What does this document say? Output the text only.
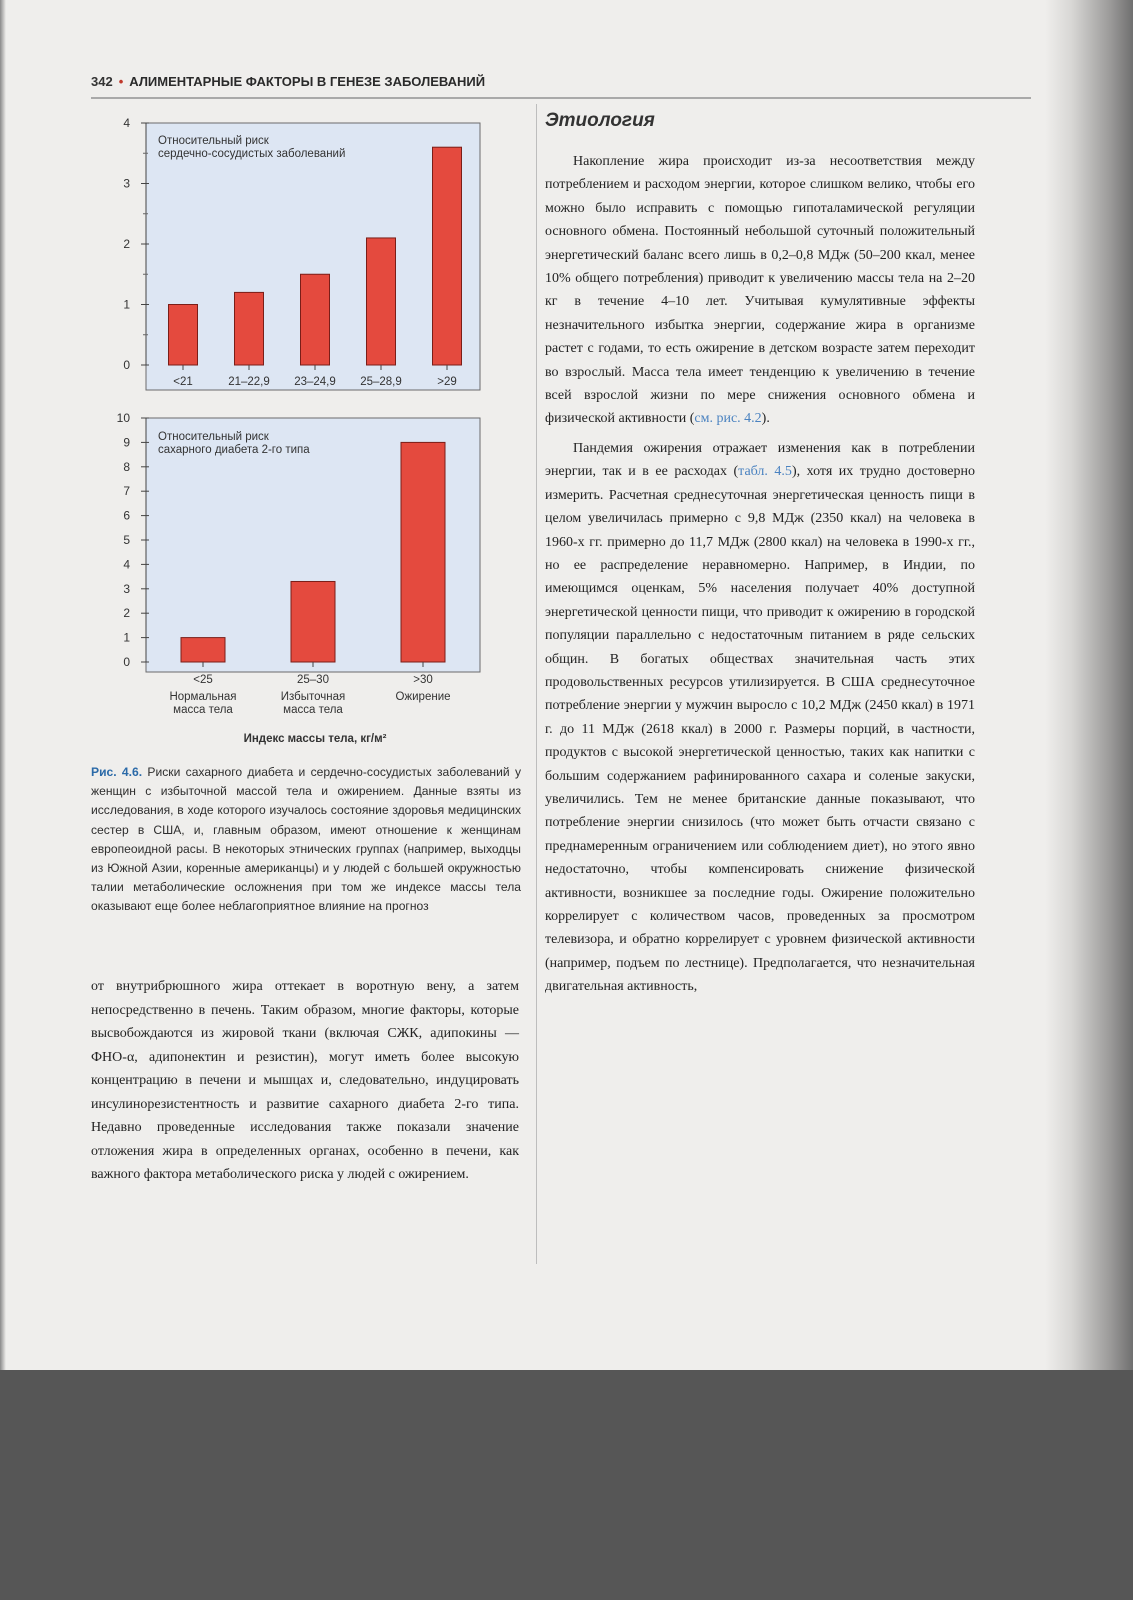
342 • АЛИМЕНТАРНЫЕ ФАКТОРЫ В ГЕНЕЗЕ ЗАБОЛЕВАНИЙ
0
1
2
3
4
Относительный риск
сердечно-сосудистых заболеваний
<21	21–22,9 23–24,9 25–28,9	>29
0
1
2
3
4
5
6
7
8
9
10
Относительный риск
сахарного диабета 2-го типа
<25
Нормальная
масса тела
25–30
Избыточная
масса тела
>30
Ожирение
Индекс массы тела, кг/м²

Рис. 4.6. Риски сахарного диабета и сердечно-сосудистых заболеваний у женщин с избыточной массой тела и ожирением. Данные взяты из исследования, в ходе которого изучалось состояние здоровья медицинских сестер в США, и, главным образом, имеют отношение к женщинам европеоидной расы. В некоторых этнических группах (например, выходцы из Южной Азии, коренные американцы) и у людей с большей окружностью талии метаболические осложнения при том же индексе массы тела оказывают еще более неблагоприятное влияние на прогноз

от внутрибрюшного жира оттекает в воротную вену, а затем непосредственно в печень. Таким образом, многие факторы, которые высвобождаются из жировой ткани (включая СЖК, адипокины — ФНО-α, адипонектин и резистин), могут иметь более высокую концентрацию в печени и мышцах и, следовательно, индуцировать инсулинорезистентность и развитие сахарного диабета 2-го типа. Недавно проведенные исследования также показали значение отложения жира в определенных органах, особенно в печени, как важного фактора метаболического риска у людей с ожирением.

Этиология

Накопление жира происходит из-за несоответствия между потреблением и расходом энергии, которое слишком велико, чтобы его можно было исправить с помощью гипоталамической регуляции основного обмена. Постоянный небольшой суточный положительный энергетический баланс всего лишь в 0,2–0,8 МДж (50–200 ккал, менее 10% общего потребления) приводит к увеличению массы тела на 2–20 кг в течение 4–10 лет. Учитывая кумулятивные эффекты незначительного избытка энергии, содержание жира в организме растет с годами, то есть ожирение в детском возрасте затем переходит во взрослый. Масса тела имеет тенденцию к увеличению в течение всей взрослой жизни по мере снижения основного обмена и физической активности (см. рис. 4.2).

Пандемия ожирения отражает изменения как в потреблении энергии, так и в ее расходах (табл. 4.5), хотя их трудно достоверно измерить. Расчетная среднесуточная энергетическая ценность пищи в целом увеличилась примерно с 9,8 МДж (2350 ккал) на человека в 1960-х гг. примерно до 11,7 МДж (2800 ккал) на человека в 1990-х гг., но ее распределение неравномерно. Например, в Индии, по имеющимся оценкам, 5% населения получает 40% доступной энергетической ценности пищи, что приводит к ожирению в городской популяции параллельно с недостаточным питанием в ряде сельских общин. В богатых обществах значительная часть этих продовольственных ресурсов утилизируется. В США среднесуточное потребление энергии у мужчин выросло с 10,2 МДж (2450 ккал) в 1971 г. до 11 МДж (2618 ккал) в 2000 г. Размеры порций, в частности, продуктов с высокой энергетической ценностью, таких как напитки с большим содержанием рафинированного сахара и соленые закуски, увеличились. Тем не менее британские данные показывают, что потребление энергии снизилось (что может быть отчасти связано с преднамеренным ограничением или соблюдением диет), но этого явно недостаточно, чтобы компенсировать снижение физической активности, возникшее за последние годы. Ожирение положительно коррелирует с количеством часов, проведенных за просмотром телевизора, и обратно коррелирует с уровнем физической активности (например, подъем по лестнице). Предполагается, что незначительная двигательная активность,
